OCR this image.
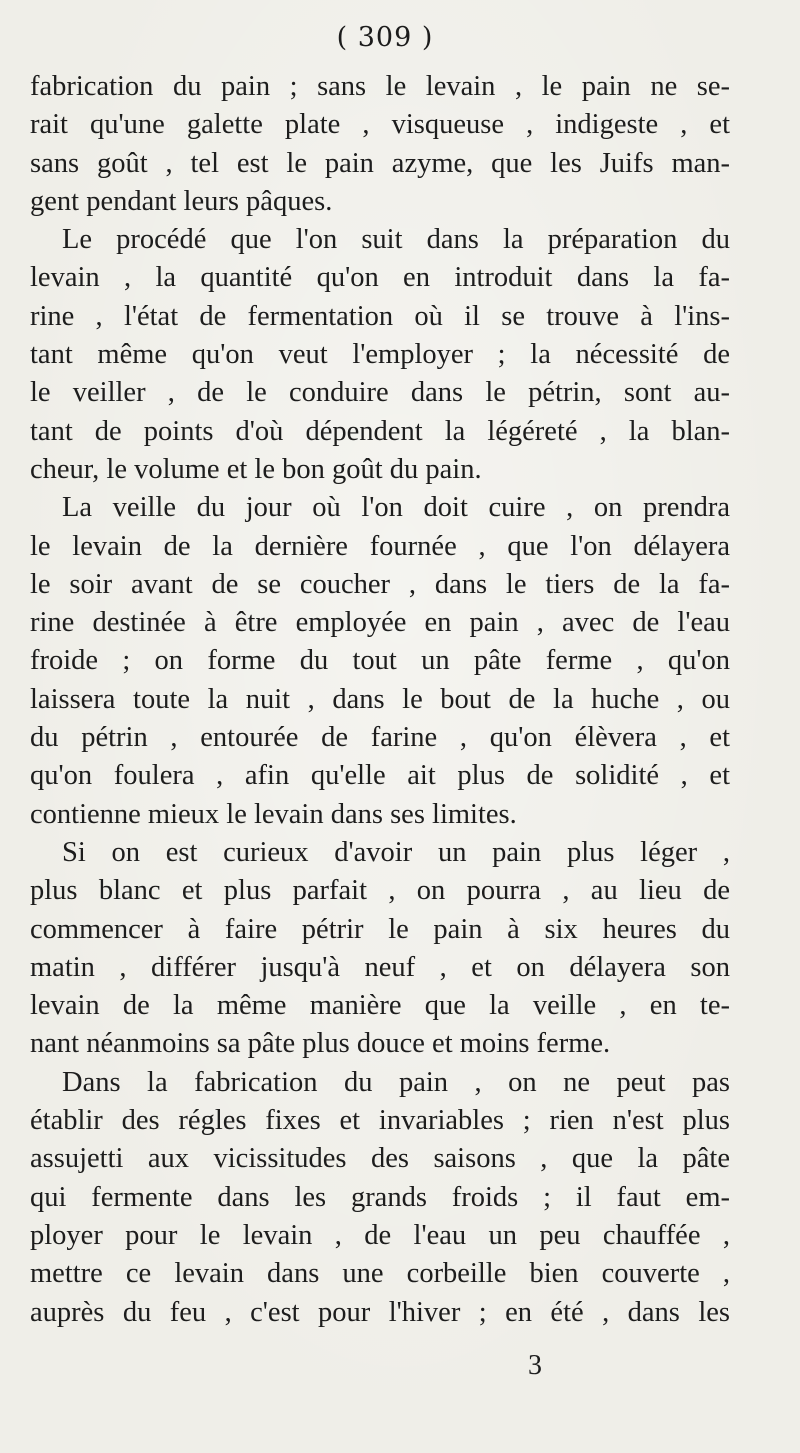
( 309 )
fabrication du pain ; sans le levain , le pain ne se-
rait qu'une galette plate , visqueuse , indigeste , et
sans goût , tel est le pain azyme, que les Juifs man-
gent pendant leurs pâques.
Le procédé que l'on suit dans la préparation du
levain , la quantité qu'on en introduit dans la fa-
rine , l'état de fermentation où il se trouve à l'ins-
tant même qu'on veut l'employer ; la nécessité de
le veiller , de le conduire dans le pétrin, sont au-
tant de points d'où dépendent la légéreté , la blan-
cheur, le volume et le bon goût du pain.
La veille du jour où l'on doit cuire , on prendra
le levain de la dernière fournée , que l'on délayera
le soir avant de se coucher , dans le tiers de la fa-
rine destinée à être employée en pain , avec de l'eau
froide ; on forme du tout un pâte ferme , qu'on
laissera toute la nuit , dans le bout de la huche , ou
du pétrin , entourée de farine , qu'on élèvera , et
qu'on foulera , afin qu'elle ait plus de solidité , et
contienne mieux le levain dans ses limites.
Si on est curieux d'avoir un pain plus léger ,
plus blanc et plus parfait , on pourra , au lieu de
commencer à faire pétrir le pain à six heures du
matin , différer jusqu'à neuf , et on délayera son
levain de la même manière que la veille , en te-
nant néanmoins sa pâte plus douce et moins ferme.
Dans la fabrication du pain , on ne peut pas
établir des régles fixes et invariables ; rien n'est plus
assujetti aux vicissitudes des saisons , que la pâte
qui fermente dans les grands froids ; il faut em-
ployer pour le levain , de l'eau un peu chauffée ,
mettre ce levain dans une corbeille bien couverte ,
auprès du feu , c'est pour l'hiver ; en été , dans les
3
